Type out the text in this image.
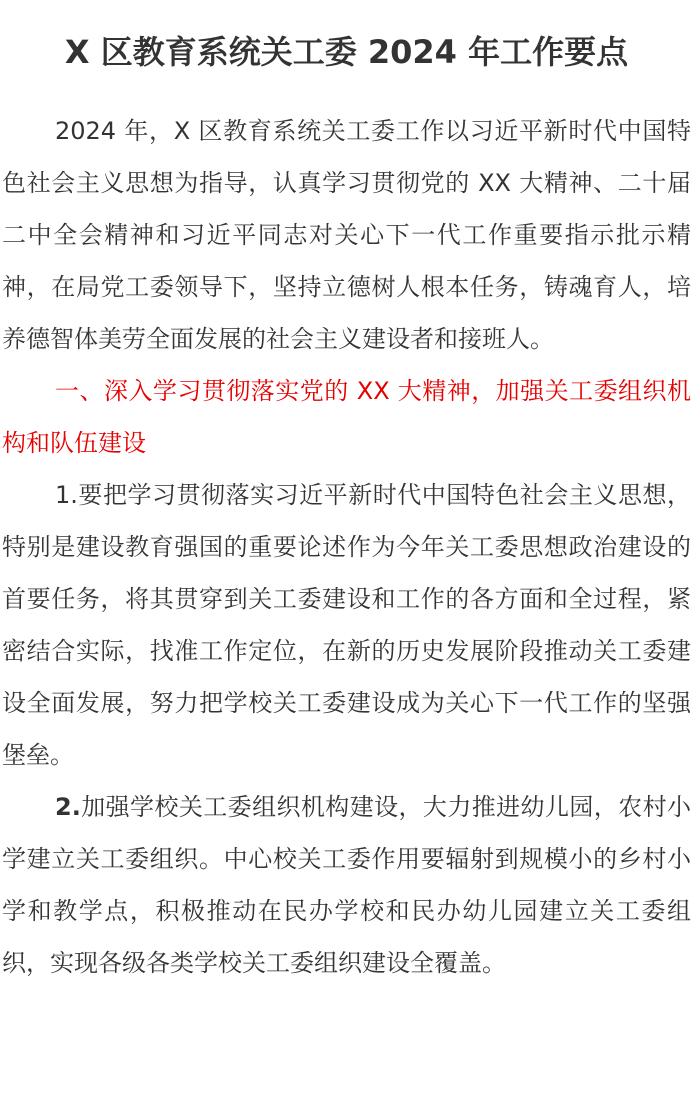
X 区教育系统关工委 2024 年工作要点

2024 年，X 区教育系统关工委工作以习近平新时代中国特色社会主义思想为指导，认真学习贯彻党的 XX 大精神、二十届二中全会精神和习近平同志对关心下一代工作重要指示批示精神，在局党工委领导下，坚持立德树人根本任务，铸魂育人，培养德智体美劳全面发展的社会主义建设者和接班人。

一、深入学习贯彻落实党的 XX 大精神，加强关工委组织机构和队伍建设

1.要把学习贯彻落实习近平新时代中国特色社会主义思想，特别是建设教育强国的重要论述作为今年关工委思想政治建设的首要任务，将其贯穿到关工委建设和工作的各方面和全过程，紧密结合实际，找准工作定位，在新的历史发展阶段推动关工委建设全面发展，努力把学校关工委建设成为关心下一代工作的坚强堡垒。

2.加强学校关工委组织机构建设，大力推进幼儿园，农村小学建立关工委组织。中心校关工委作用要辐射到规模小的乡村小学和教学点，积极推动在民办学校和民办幼儿园建立关工委组织，实现各级各类学校关工委组织建设全覆盖。
